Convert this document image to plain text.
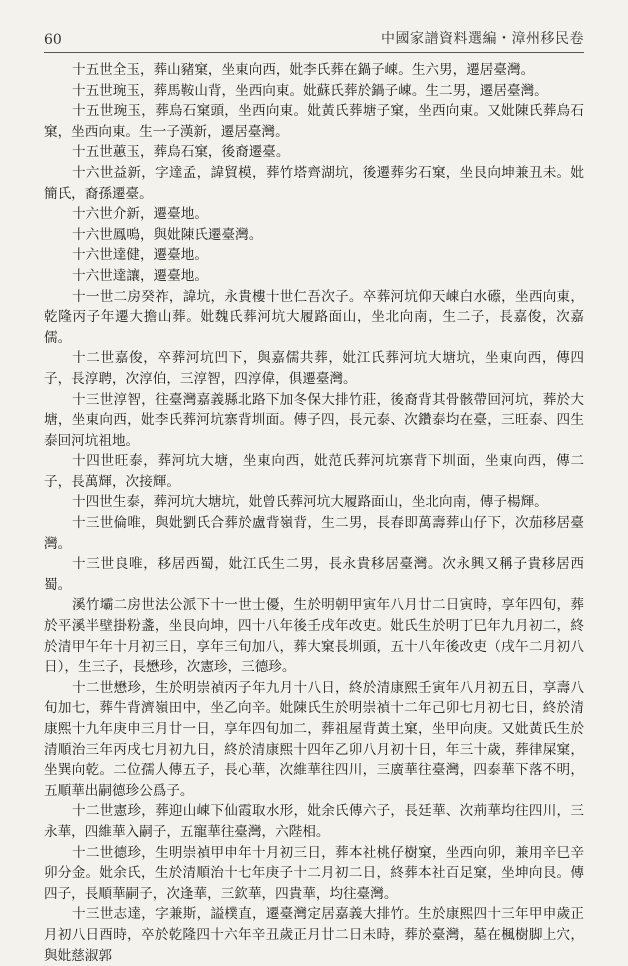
60	中國家譜資料選編・漳州移民卷

十五世全玉，葬山豬窠，坐東向西，妣李氏葬在鍋子崠。生六男，遷居臺灣。

十五世琬玉，葬馬鞍山背，坐西向東。妣蘇氏葬於鍋子崠。生二男，遷居臺灣。

十五世琬玉，葬烏石窠頭，坐西向東。妣黃氏葬塘子窠，坐西向東。又妣陳氏葬烏石窠，坐西向東。生一子漢新，遷居臺灣。

十五世蕙玉，葬烏石窠，後裔遷臺。

十六世益新，字達孟，諱貿模，葬竹塔齊湖坑，後遷葬劣石窠，坐艮向坤兼丑未。妣簡氏，裔孫遷臺。

十六世介新，遷臺地。

十六世鳳鳴，與妣陳氏遷臺灣。

十六世達健，遷臺地。

十六世達讓，遷臺地。

十一世二房癸祚，諱坑，永貴樓十世仁吾次子。卒葬河坑仰天崠白水礤，坐西向東，乾隆丙子年遷大擔山葬。妣魏氏葬河坑大履路面山，坐北向南，生二子，長嘉俊，次嘉儒。

十二世嘉俊，卒葬河坑凹下，與嘉儒共葬，妣江氏葬河坑大塘坑，坐東向西，傳四子，長淳聘，次淳伯，三淳智，四淳偉，俱遷臺灣。

十三世淳智，往臺灣嘉義縣北路下加冬保大排竹莊，後裔背其骨骸帶回河坑，葬於大塘，坐東向西，妣李氏葬河坑寨背圳面。傳子四，長元泰、次鑽泰均在臺，三旺泰、四生泰回河坑祖地。

十四世旺泰，葬河坑大塘，坐東向西，妣范氏葬河坑寨背下圳面，坐東向西，傳二子，長萬輝，次接輝。

十四世生泰，葬河坑大塘坑，妣曾氏葬河坑大履路面山，坐北向南，傳子楊輝。

十三世倫唯，與妣劉氏合葬於盧背嶺背，生二男，長春即萬壽葬山仔下，次茄移居臺灣。

十三世良唯，移居西蜀，妣江氏生二男，長永貴移居臺灣。次永興又稱子貴移居西蜀。

溪竹壩二房世法公派下十一世士優，生於明朝甲寅年八月廿二日寅時，享年四旬，葬於平溪半壁掛粉盞，坐艮向坤，四十八年後壬戌年改吏。妣氏生於明丁巳年九月初二，終於清甲午年十月初三日，享年三旬加八，葬大窠長圳頭，五十八年後改吏（戌午二月初八日），生三子，長懋珍，次憲珍，三德珍。

十二世懋珍，生於明崇禎丙子年九月十八日，終於清康熙壬寅年八月初五日，享壽八旬加七，葬牛背濟嶺田中，坐乙向辛。妣陳氏生於明崇禎十二年己卯七月初七日，終於清康熙十九年庚申三月廿一日，享年四旬加二，葬祖屋背黃土窠，坐甲向庚。又妣黃氏生於清順治三年丙戌七月初九日，終於清康熙十四年乙卯八月初十日，年三十歲，葬律屎窠，坐巽向乾。二位孺人傳五子，長心華，次維華往四川，三廣華往臺灣，四泰華下落不明，五順華出嗣德珍公爲子。

十二世憲珍，葬迎山崠下仙霞取水形，妣余氏傳六子，長廷華、次荊華均往四川，三永華，四維華入嗣子，五寵華往臺灣，六陛相。

十二世德珍，生明崇禎甲申年十月初三日，葬本社桃仔樹窠，坐西向卯，兼用辛巳辛卯分金。妣余氏，生於清順治十七年庚子十二月初二日，終葬本社百足窠，坐坤向艮。傳四子，長順華嗣子，次逢華，三欽華，四貴華，均往臺灣。

十三世志達，字兼斯，謚樸直，遷臺灣定居嘉義大排竹。生於康熙四十三年甲申歲正月初八日酉時，卒於乾隆四十六年辛丑歲正月廿二日未時，葬於臺灣，墓在楓樹脚上穴，與妣慈淑郭
